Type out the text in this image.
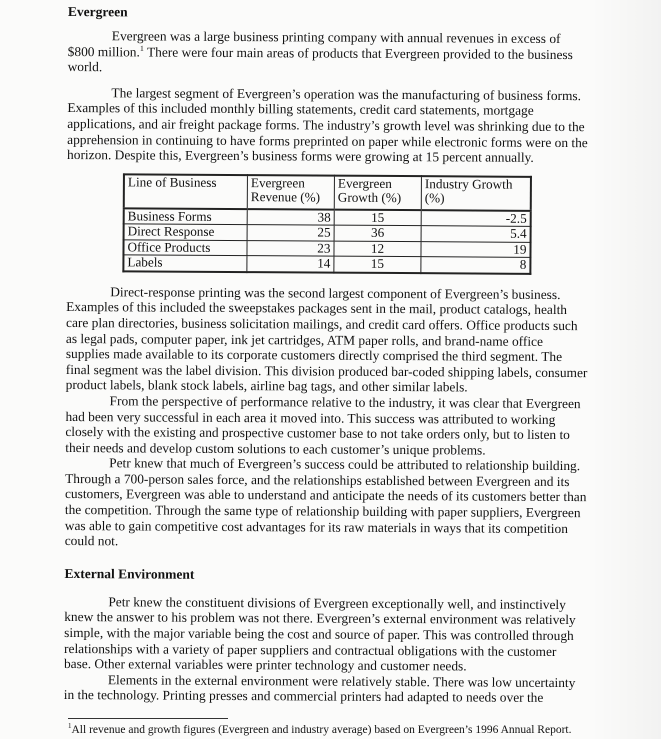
Evergreen

Evergreen was a large business printing company with annual revenues in excess of $800 million.$^1$ There were four main areas of products that Evergreen provided to the business world.

The largest segment of Evergreen’s operation was the manufacturing of business forms. Examples of this included monthly billing statements, credit card statements, mortgage applications, and air freight package forms. The industry’s growth level was shrinking due to the apprehension in continuing to have forms preprinted on paper while electronic forms were on the horizon. Despite this, Evergreen’s business forms were growing at 15 percent annually.

Line of Business	Evergreen Revenue (%)	Evergreen Growth (%)	Industry Growth (%)
Business Forms	38	15	-2.5
Direct Response	25	36	5.4
Office Products	23	12	19
Labels	14	15	8

Direct-response printing was the second largest component of Evergreen’s business. Examples of this included the sweepstakes packages sent in the mail, product catalogs, health care plan directories, business solicitation mailings, and credit card offers. Office products such as legal pads, computer paper, ink jet cartridges, ATM paper rolls, and brand-name office supplies made available to its corporate customers directly comprised the third segment. The final segment was the label division. This division produced bar-coded shipping labels, consumer product labels, blank stock labels, airline bag tags, and other similar labels.

From the perspective of performance relative to the industry, it was clear that Evergreen had been very successful in each area it moved into. This success was attributed to working closely with the existing and prospective customer base to not take orders only, but to listen to their needs and develop custom solutions to each customer’s unique problems.

Petr knew that much of Evergreen’s success could be attributed to relationship building. Through a 700-person sales force, and the relationships established between Evergreen and its customers, Evergreen was able to understand and anticipate the needs of its customers better than the competition. Through the same type of relationship building with paper suppliers, Evergreen was able to gain competitive cost advantages for its raw materials in ways that its competition could not.

External Environment

Petr knew the constituent divisions of Evergreen exceptionally well, and instinctively knew the answer to his problem was not there. Evergreen’s external environment was relatively simple, with the major variable being the cost and source of paper. This was controlled through relationships with a variety of paper suppliers and contractual obligations with the customer base. Other external variables were printer technology and customer needs.

Elements in the external environment were relatively stable. There was low uncertainty in the technology. Printing presses and commercial printers had adapted to needs over the

$^1$All revenue and growth figures (Evergreen and industry average) based on Evergreen’s 1996 Annual Report.
